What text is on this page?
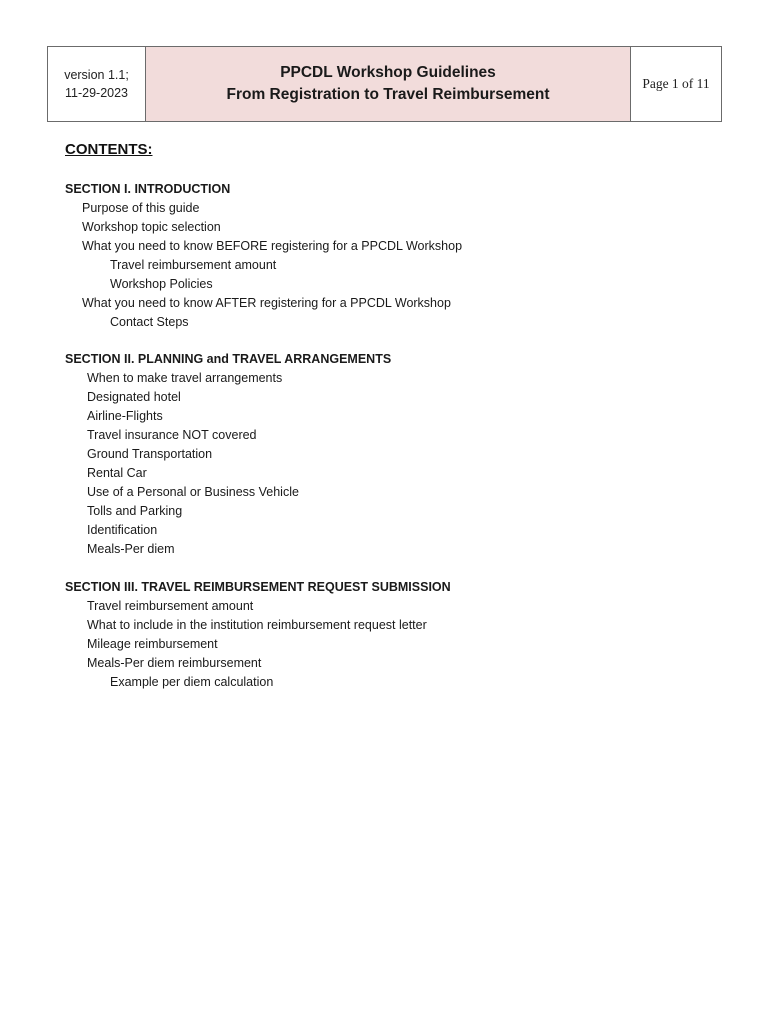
version 1.1;
11-29-2023
PPCDL Workshop Guidelines
From Registration to Travel Reimbursement
Page 1 of 11
CONTENTS:
SECTION I. INTRODUCTION
Purpose of this guide
Workshop topic selection
What you need to know BEFORE registering for a PPCDL Workshop
Travel reimbursement amount
Workshop Policies
What you need to know AFTER registering for a PPCDL Workshop
Contact Steps
SECTION II. PLANNING and TRAVEL ARRANGEMENTS
When to make travel arrangements
Designated hotel
Airline-Flights
Travel insurance NOT covered
Ground Transportation
Rental Car
Use of a Personal or Business Vehicle
Tolls and Parking
Identification
Meals-Per diem
SECTION III. TRAVEL REIMBURSEMENT REQUEST SUBMISSION
Travel reimbursement amount
What to include in the institution reimbursement request letter
Mileage reimbursement
Meals-Per diem reimbursement
Example per diem calculation
